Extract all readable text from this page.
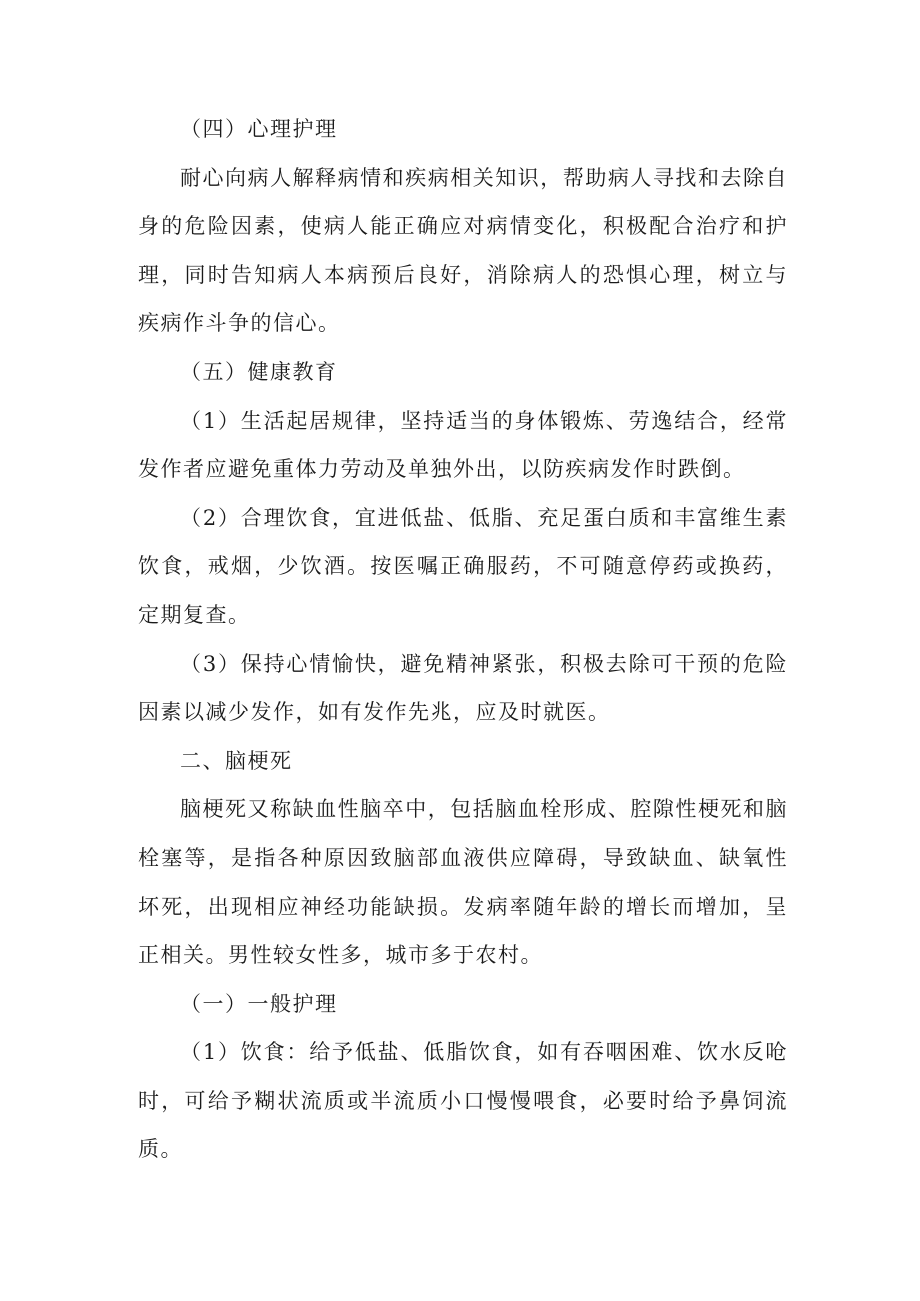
（四）心理护理

耐心向病人解释病情和疾病相关知识，帮助病人寻找和去除自身的危险因素，使病人能正确应对病情变化，积极配合治疗和护理，同时告知病人本病预后良好，消除病人的恐惧心理，树立与疾病作斗争的信心。

（五）健康教育

（1）生活起居规律，坚持适当的身体锻炼、劳逸结合，经常发作者应避免重体力劳动及单独外出，以防疾病发作时跌倒。

（2）合理饮食，宜进低盐、低脂、充足蛋白质和丰富维生素饮食，戒烟，少饮酒。按医嘱正确服药，不可随意停药或换药，定期复查。

（3）保持心情愉快，避免精神紧张，积极去除可干预的危险因素以减少发作，如有发作先兆，应及时就医。

二、脑梗死

脑梗死又称缺血性脑卒中，包括脑血栓形成、腔隙性梗死和脑栓塞等，是指各种原因致脑部血液供应障碍，导致缺血、缺氧性坏死，出现相应神经功能缺损。发病率随年龄的增长而增加，呈正相关。男性较女性多，城市多于农村。

（一）一般护理

（1）饮食：给予低盐、低脂饮食，如有吞咽困难、饮水反呛时，可给予糊状流质或半流质小口慢慢喂食，必要时给予鼻饲流质。
